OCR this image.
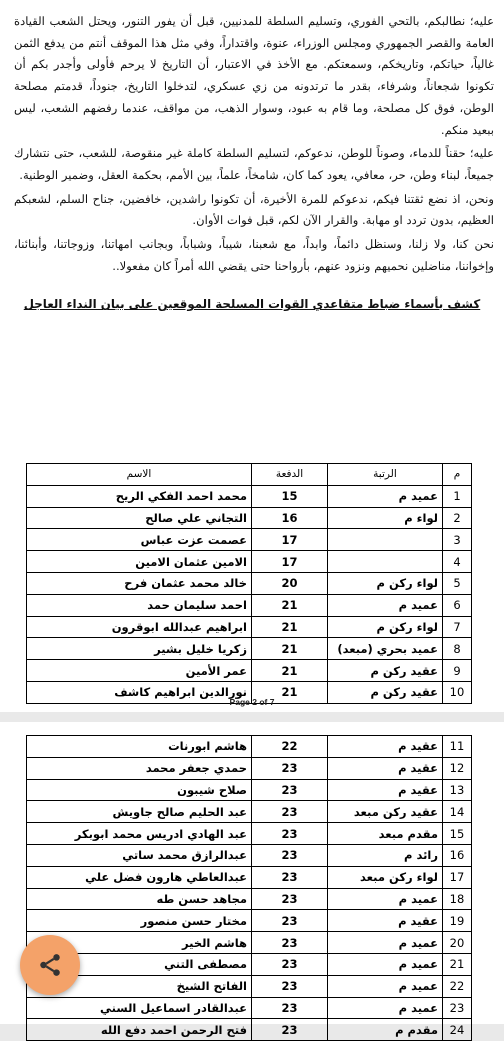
عليه؛ نطالبكم، بالتحي الفوري، وتسليم السلطة للمدنيين، قبل أن يفور التنور، ويحتل الشعب القيادة العامة والقصر الجمهوري ومجلس الوزراء، عنوة، واقتداراً، وفي مثل هذا الموقف أنتم من يدفع الثمن غالياً، حياتكم، وتاريخكم، وسمعتكم. مع الأخذ في الاعتبار، أن التاريخ لا يرحم فأولى وأجدر بكم أن تكونوا شجعاناً، وشرفاء، بقدر ما ترتدونه من زي عسكري، لتدخلوا التاريخ، جنوداً، قدمتم مصلحة الوطن، فوق كل مصلحة، وما قام به عبود، وسوار الذهب، من مواقف، عندما رفضهم الشعب، ليس ببعيد منكم.

عليه؛ حقناً للدماء، وصوناً للوطن، ندعوكم، لتسليم السلطة كاملة غير منقوصة، للشعب، حتى نتشارك جميعاً، لبناء وطن، حر، معافي، يعود كما كان، شامخاً، علماً، بين الأمم، بحكمة العقل، وضمير الوطنية.

ونحن، اذ نضع ثقتنا فيكم، ندعوكم للمرة الأخيرة، أن تكونوا راشدين، خافضين، جناح السلم، لشعبكم العظيم، بدون تردد او مهابة. والقرار الآن لكم، قبل فوات الأوان.

نحن كنا، ولا زلنا، وسنظل دائماً، وابداً، مع شعبنا، شيباً، وشباباً، وبجانب امهاتنا، وزوجاتنا، وأبنائنا، وإخواننا، مناضلين نحميهم ونزود عنهم، بأرواحنا حتى يقضي الله أمراً كان مفعولا..

كشف بأسماء ضباط متقاعدي القوات المسلحة الموقعين على بيان النداء العاجل
م	الرتبة	الدفعة	الاسم
1	عميد م	15	محمد احمد الفكي الريح
2	لواء م	16	التجاني علي صالح
3		17	عصمت عزت عباس
4		17	الامين عثمان الامين
5	لواء ركن م	20	خالد محمد عثمان فرح
6	عميد م	21	احمد سليمان حمد
7	لواء ركن م	21	ابراهيم عبدالله ابوقرون
8	عميد بحري (مبعد)	21	زكريا خليل بشير
9	عقيد ركن م	21	عمر الأمين
10	عقيد ركن م	21	نورالدين ابراهيم كاشف
Page 2 of 7
11	عقيد م	22	هاشم ابورنات
12	عقيد م	23	حمدي جعفر محمد
13	عقيد م	23	صلاح شيبون
14	عقيد ركن مبعد	23	عبد الحليم صالح جاويش
15	مقدم مبعد	23	عبد الهادي ادريس محمد ابوبكر
16	رائد م	23	عبدالرازق محمد ساتي
17	لواء ركن مبعد	23	عبدالعاطي هارون فضل علي
18	عميد م	23	مجاهد حسن طه
19	عقيد م	23	مختار حسن منصور
20	عميد م	23	هاشم الخير
21	عميد م	23	مصطفى التني
22	عميد م	23	الفاتح الشيخ
23	عميد م	23	عبدالقادر اسماعيل السني
24	مقدم م	23	فتح الرحمن احمد دفع الله
